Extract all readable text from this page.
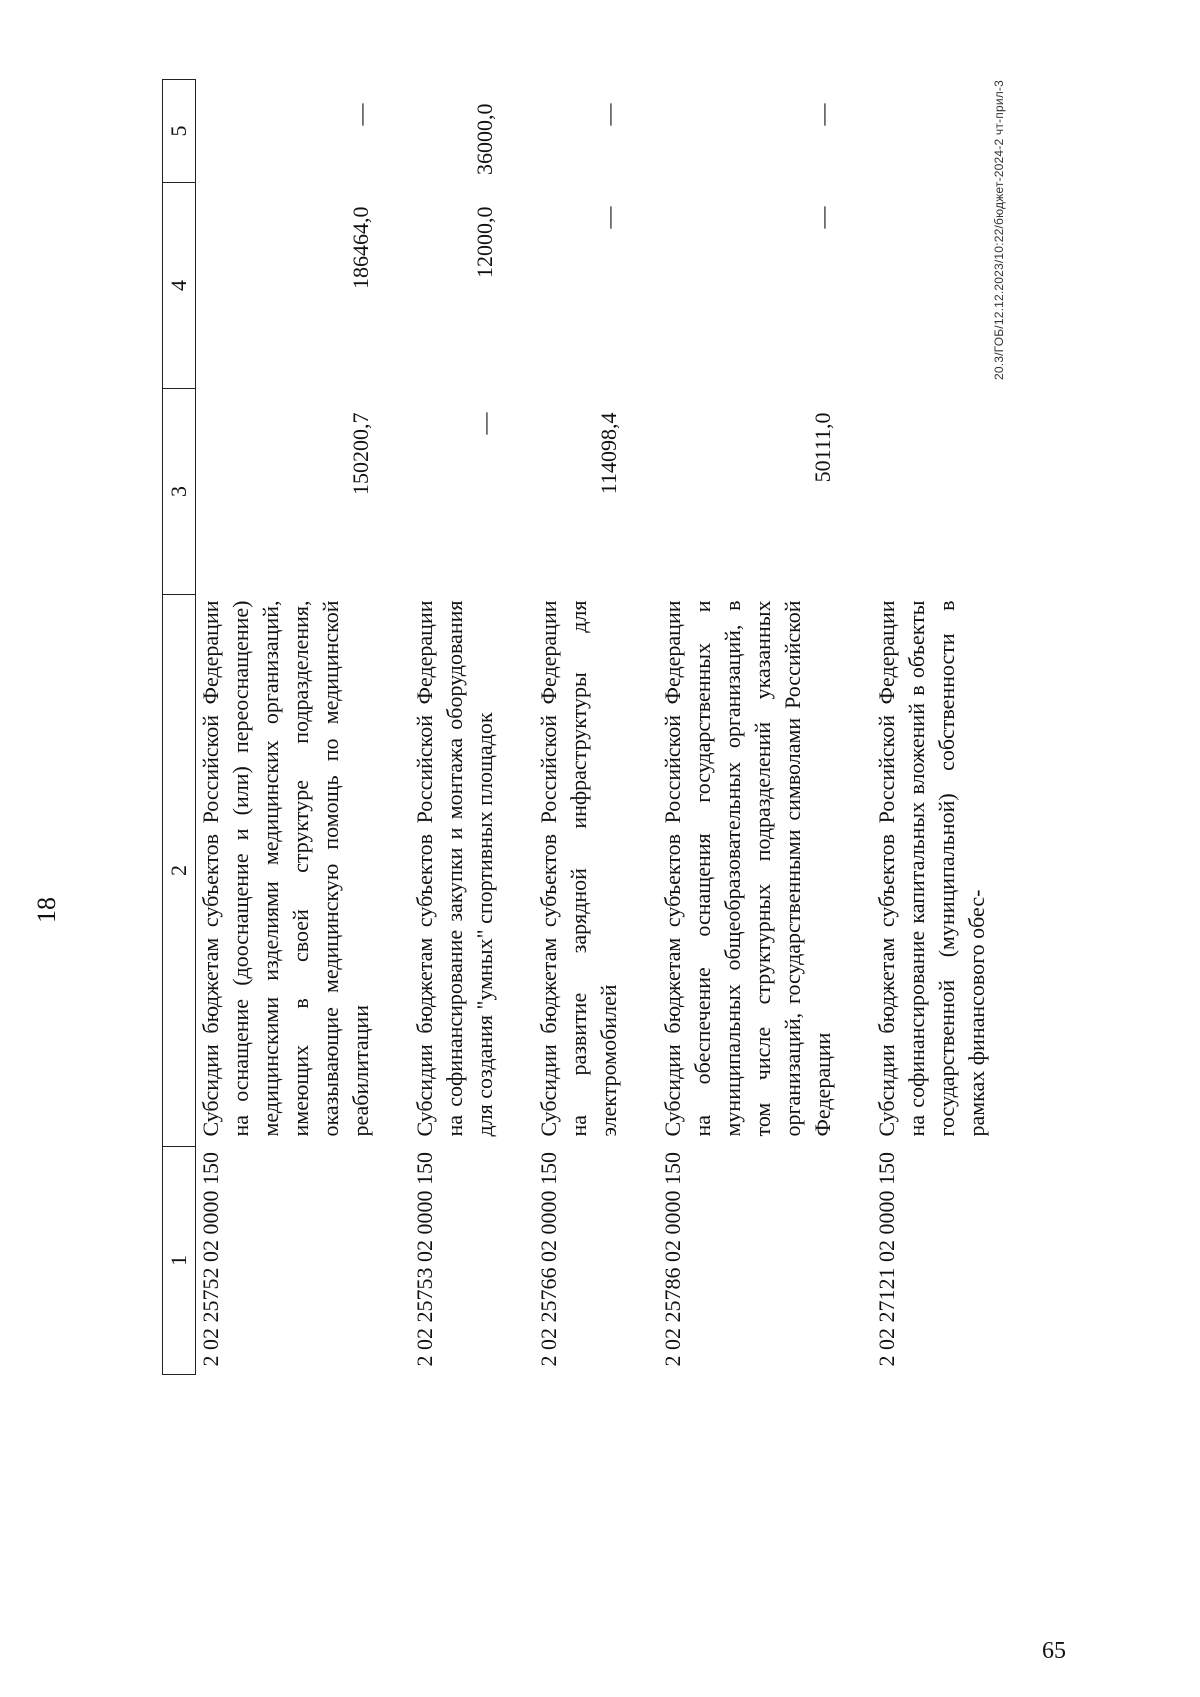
18
1	2	3	4	5
2 02 25752 02 0000 150	Субсидии бюджетам субъектов Российской Федерации на оснащение (дооснащение и (или) переоснащение) медицинскими изделиями медицинских организаций, имеющих в своей структуре подразделения, оказывающие медицинскую помощь по медицинской реабилитации	150200,7	186464,0	—
2 02 25753 02 0000 150	Субсидии бюджетам субъектов Российской Федерации на софинансирование закупки и монтажа оборудования для создания "умных" спортивных площадок	—	12000,0	36000,0
2 02 25766 02 0000 150	Субсидии бюджетам субъектов Российской Федерации на развитие зарядной инфраструктуры для электромобилей	114098,4	—	—
2 02 25786 02 0000 150	Субсидии бюджетам субъектов Российской Федерации на обеспечение оснащения государственных и муниципальных общеобразовательных организаций, в том числе структурных подразделений указанных организаций, государственными символами Российской Федерации	50111,0	—	—
2 02 27121 02 0000 150	Субсидии бюджетам субъектов Российской Федерации на софинансирование капитальных вложений в объекты государственной (муниципальной) собственности в рамках финансового обес-			
20.3/ГОБ/12.12.2023/10:22/бюджет-2024-2 чт-прил-3
65
